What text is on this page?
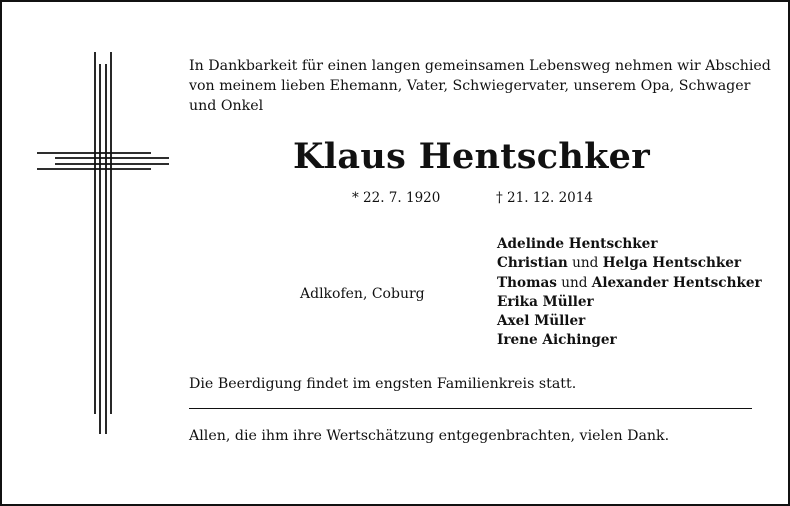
In Dankbarkeit für einen langen gemeinsamen Lebensweg nehmen wir Abschied
von meinem lieben Ehemann, Vater, Schwiegervater, unserem Opa, Schwager
und Onkel
Klaus Hentschker
* 22. 7. 1920	† 21. 12. 2014
Adlkofen, Coburg
Adelinde Hentschker
Christian und Helga Hentschker
Thomas und Alexander Hentschker
Erika Müller
Axel Müller
Irene Aichinger
Die Beerdigung findet im engsten Familienkreis statt.
Allen, die ihm ihre Wertschätzung entgegenbrachten, vielen Dank.
